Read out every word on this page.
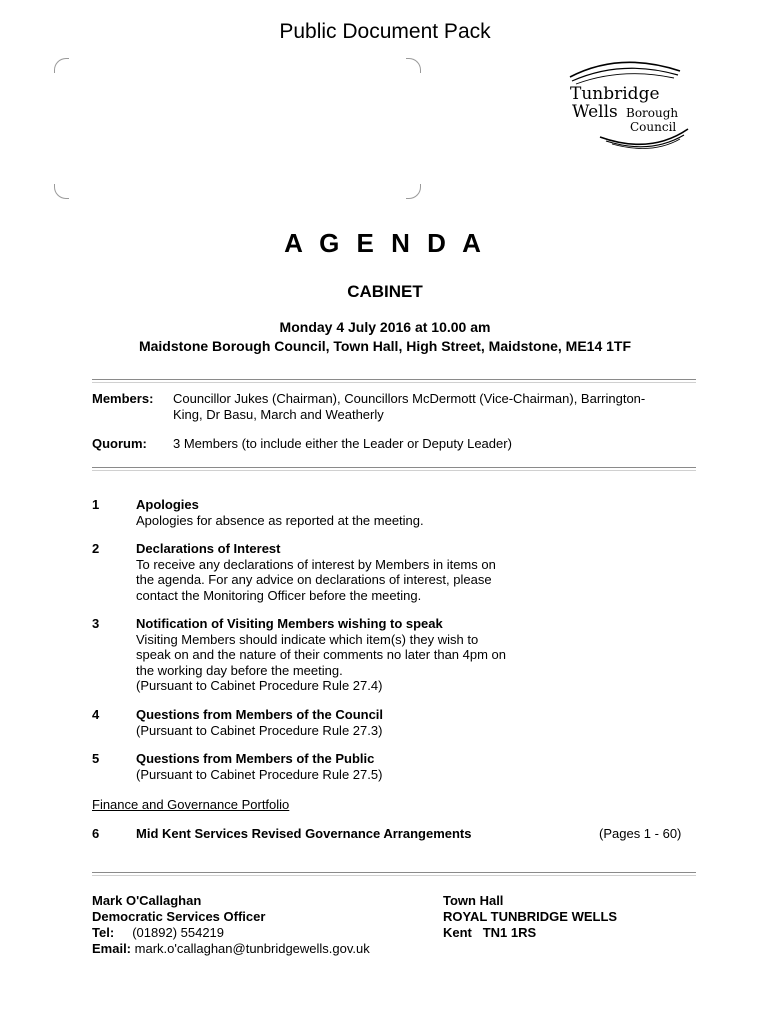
Public Document Pack
Tunbridge
Wells Borough
Council
A G E N D A
CABINET
Monday 4 July 2016 at 10.00 am
Maidstone Borough Council, Town Hall, High Street, Maidstone, ME14 1TF
Members: Councillor Jukes (Chairman), Councillors McDermott (Vice-Chairman), Barrington-
King, Dr Basu, March and Weatherly
Quorum: 3 Members (to include either the Leader or Deputy Leader)
1	Apologies
Apologies for absence as reported at the meeting.
2	Declarations of Interest
To receive any declarations of interest by Members in items on
the agenda. For any advice on declarations of interest, please
contact the Monitoring Officer before the meeting.
3	Notification of Visiting Members wishing to speak
Visiting Members should indicate which item(s) they wish to
speak on and the nature of their comments no later than 4pm on
the working day before the meeting.
(Pursuant to Cabinet Procedure Rule 27.4)
4	Questions from Members of the Council
(Pursuant to Cabinet Procedure Rule 27.3)
5	Questions from Members of the Public
(Pursuant to Cabinet Procedure Rule 27.5)
Finance and Governance Portfolio
6	Mid Kent Services Revised Governance Arrangements	(Pages 1 - 60)
Mark O'Callaghan
Democratic Services Officer
Tel: (01892) 554219
Email: mark.o'callaghan@tunbridgewells.gov.uk
Town Hall
ROYAL TUNBRIDGE WELLS
Kent   TN1 1RS
